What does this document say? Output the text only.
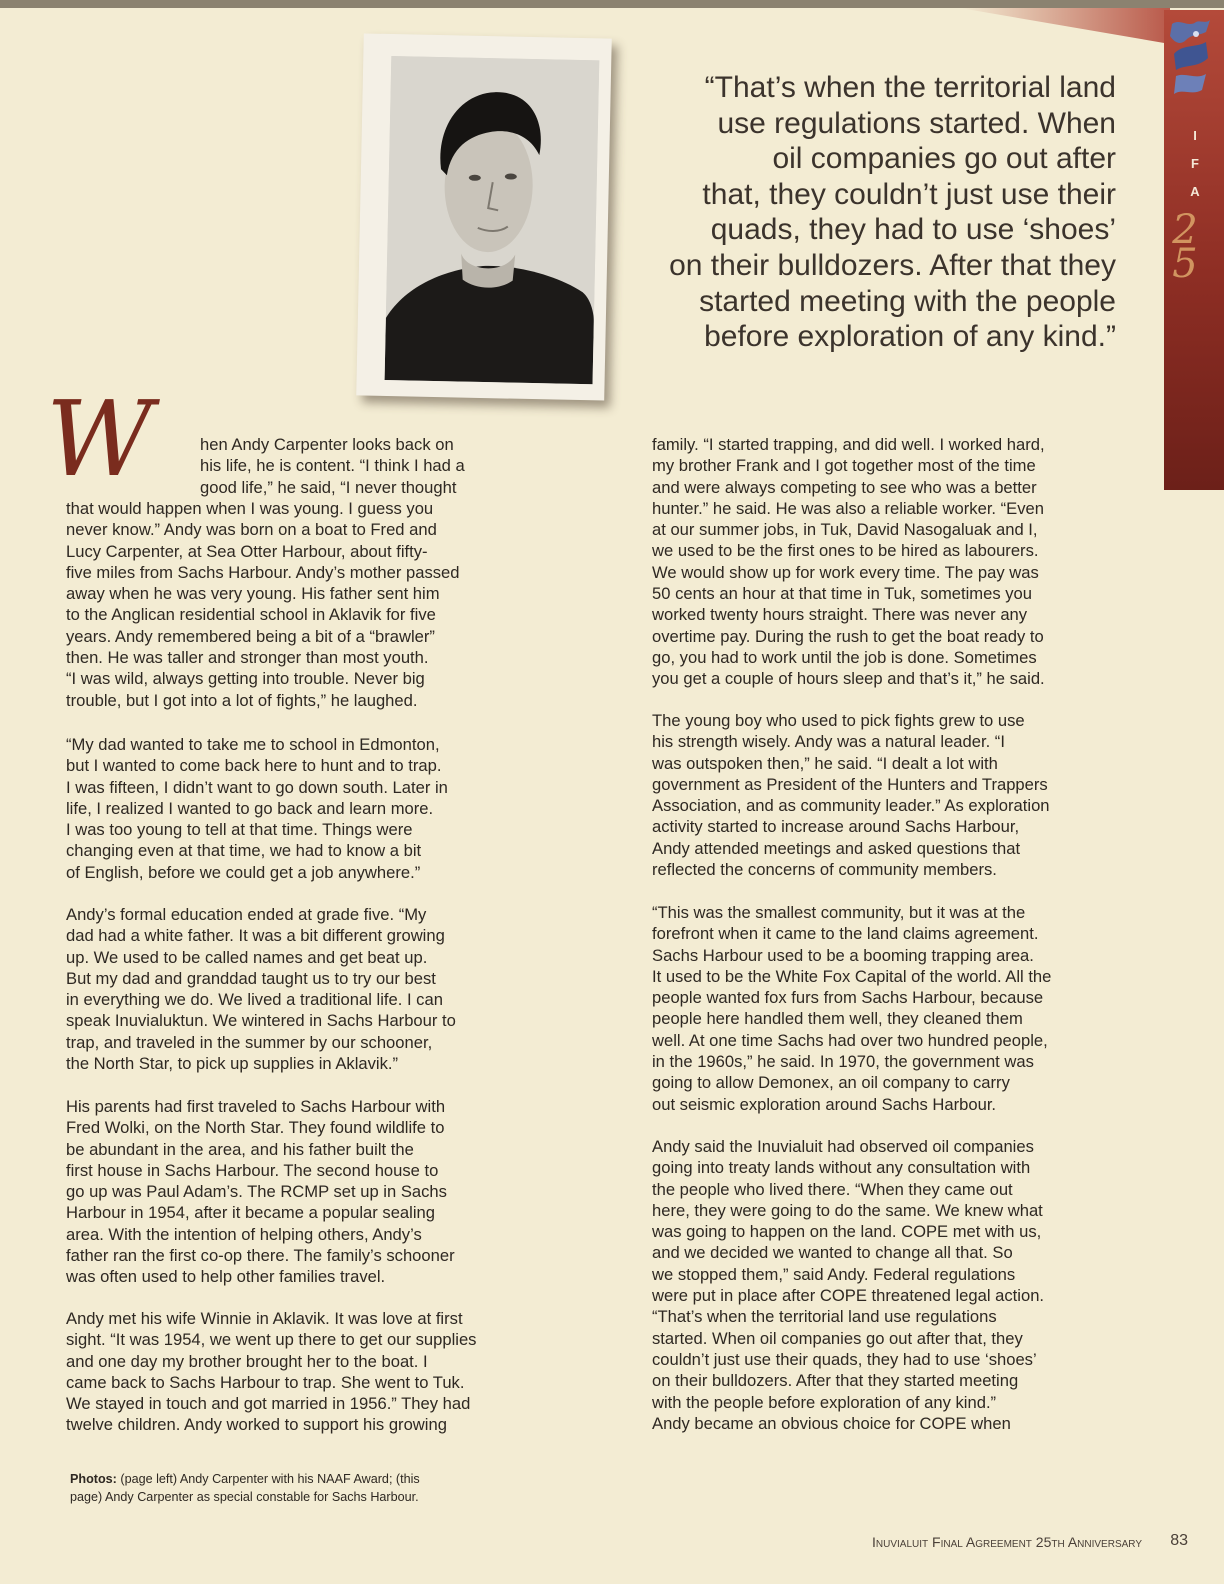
I
F
A
2
5
“That’s when the territorial land
use regulations started. When
oil companies go out after
that, they couldn’t just use their
quads, they had to use ‘shoes’
on their bulldozers. After that they
started meeting with the people
before exploration of any kind.”
W	hen Andy Carpenter looks back on
his life, he is content. “I think I had a
good life,” he said, “I never thought
that would happen when I was young. I guess you
never know.” Andy was born on a boat to Fred and
Lucy Carpenter, at Sea Otter Harbour, about fifty-
five miles from Sachs Harbour. Andy’s mother passed
away when he was very young. His father sent him
to the Anglican residential school in Aklavik for five
years. Andy remembered being a bit of a “brawler”
then. He was taller and stronger than most youth.
“I was wild, always getting into trouble. Never big
trouble, but I got into a lot of fights,” he laughed.
“My dad wanted to take me to school in Edmonton,
but I wanted to come back here to hunt and to trap.
I was fifteen, I didn’t want to go down south. Later in
life, I realized I wanted to go back and learn more.
I was too young to tell at that time. Things were
changing even at that time, we had to know a bit
of English, before we could get a job anywhere.”
Andy’s formal education ended at grade five. “My
dad had a white father. It was a bit different growing
up. We used to be called names and get beat up.
But my dad and granddad taught us to try our best
in everything we do. We lived a traditional life. I can
speak Inuvialuktun. We wintered in Sachs Harbour to
trap, and traveled in the summer by our schooner,
the North Star, to pick up supplies in Aklavik.”
His parents had first traveled to Sachs Harbour with
Fred Wolki, on the North Star. They found wildlife to
be abundant in the area, and his father built the
first house in Sachs Harbour. The second house to
go up was Paul Adam’s. The RCMP set up in Sachs
Harbour in 1954, after it became a popular sealing
area. With the intention of helping others, Andy’s
father ran the first co-op there. The family’s schooner
was often used to help other families travel.
Andy met his wife Winnie in Aklavik. It was love at first
sight. “It was 1954, we went up there to get our supplies
and one day my brother brought her to the boat. I
came back to Sachs Harbour to trap. She went to Tuk.
We stayed in touch and got married in 1956.” They had
twelve children. Andy worked to support his growing
family. “I started trapping, and did well. I worked hard,
my brother Frank and I got together most of the time
and were always competing to see who was a better
hunter.” he said. He was also a reliable worker. “Even
at our summer jobs, in Tuk, David Nasogaluak and I,
we used to be the first ones to be hired as labourers.
We would show up for work every time. The pay was
50 cents an hour at that time in Tuk, sometimes you
worked twenty hours straight. There was never any
overtime pay. During the rush to get the boat ready to
go, you had to work until the job is done. Sometimes
you get a couple of hours sleep and that’s it,” he said.
The young boy who used to pick fights grew to use
his strength wisely. Andy was a natural leader. “I
was outspoken then,” he said. “I dealt a lot with
government as President of the Hunters and Trappers
Association, and as community leader.” As exploration
activity started to increase around Sachs Harbour,
Andy attended meetings and asked questions that
reflected the concerns of community members.
“This was the smallest community, but it was at the
forefront when it came to the land claims agreement.
Sachs Harbour used to be a booming trapping area.
It used to be the White Fox Capital of the world. All the
people wanted fox furs from Sachs Harbour, because
people here handled them well, they cleaned them
well. At one time Sachs had over two hundred people,
in the 1960s,” he said. In 1970, the government was
going to allow Demonex, an oil company to carry
out seismic exploration around Sachs Harbour.
Andy said the Inuvialuit had observed oil companies
going into treaty lands without any consultation with
the people who lived there. “When they came out
here, they were going to do the same. We knew what
was going to happen on the land. COPE met with us,
and we decided we wanted to change all that. So
we stopped them,” said Andy. Federal regulations
were put in place after COPE threatened legal action.
“That’s when the territorial land use regulations
started. When oil companies go out after that, they
couldn’t just use their quads, they had to use ‘shoes’
on their bulldozers. After that they started meeting
with the people before exploration of any kind.”
Andy became an obvious choice for COPE when
Photos: (page left) Andy Carpenter with his NAAF Award; (this
page) Andy Carpenter as special constable for Sachs Harbour.
Inuvialuit Final Agreement 25th Anniversary	83
